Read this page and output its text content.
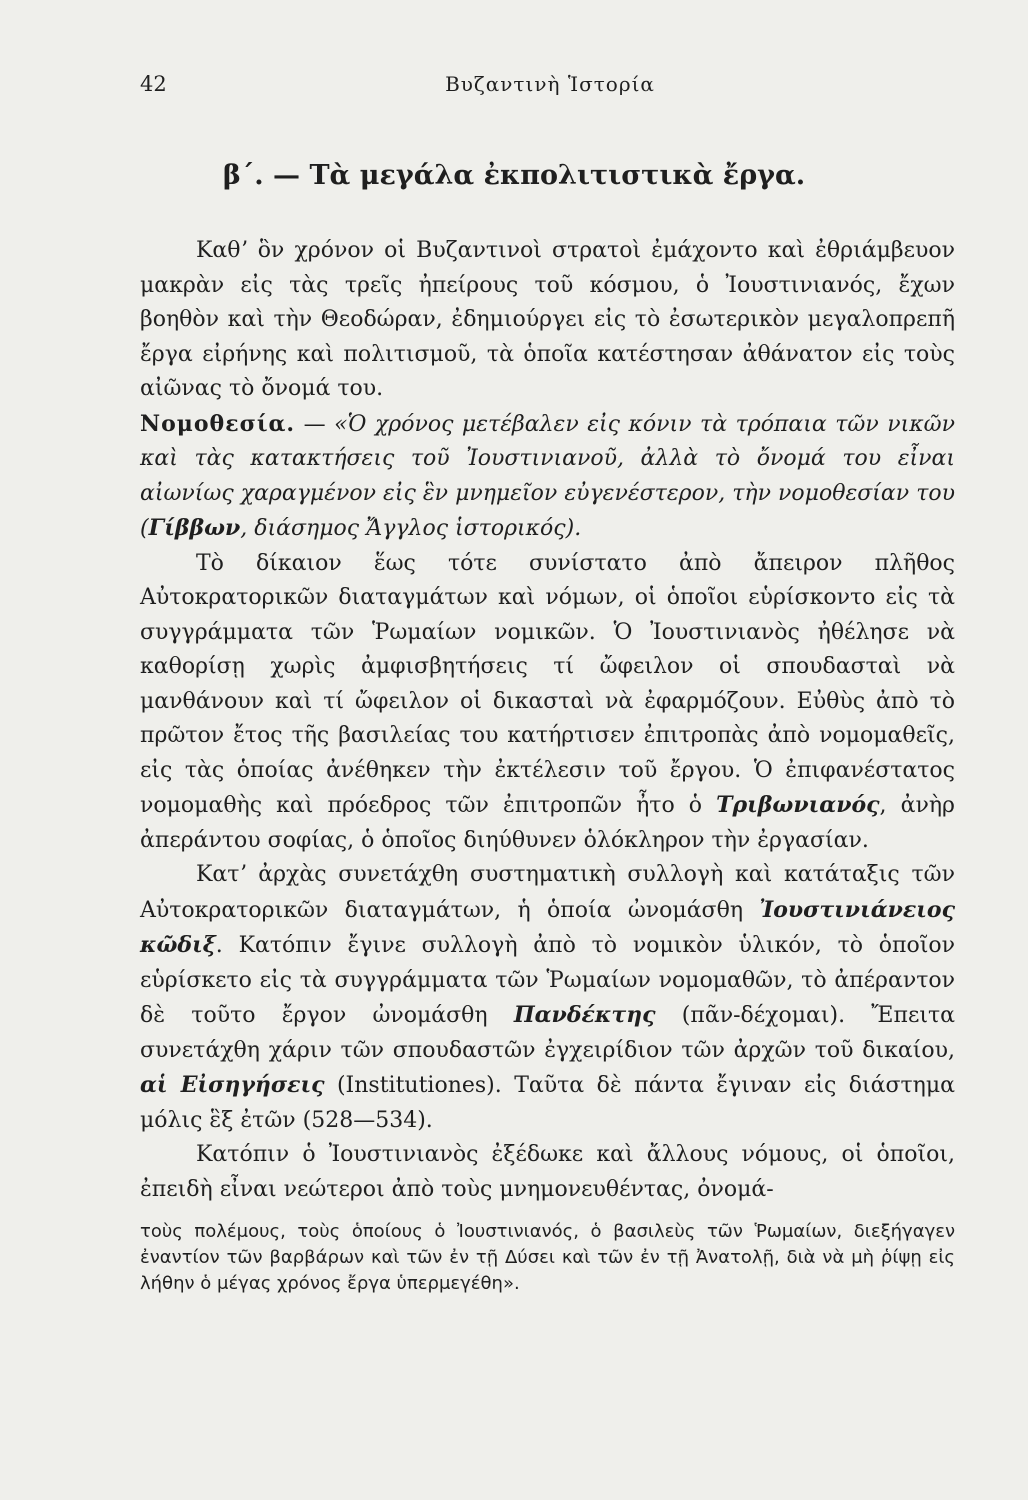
42	Βυζαντινὴ Ἱστορία
β΄. — Τὰ μεγάλα ἐκπολιτιστικὰ ἔργα.

Καθʼ ὃν χρόνον οἱ Βυζαντινοὶ στρατοὶ ἐμάχοντο καὶ ἐθριάμβευον μακρὰν εἰς τὰς τρεῖς ἠπείρους τοῦ κόσμου, ὁ Ἰουστινιανός, ἔχων βοηθὸν καὶ τὴν Θεοδώραν, ἐδημιούργει εἰς τὸ ἐσωτερικὸν μεγαλοπρεπῆ ἔργα εἰρήνης καὶ πολιτισμοῦ, τὰ ὁποῖα κατέστησαν ἀθάνατον εἰς τοὺς αἰῶνας τὸ ὄνομά του.

Νομοθεσία. — «Ὁ χρόνος μετέβαλεν εἰς κόνιν τὰ τρόπαια τῶν νικῶν καὶ τὰς κατακτήσεις τοῦ Ἰουστινιανοῦ, ἀλλὰ τὸ ὄνομά του εἶναι αἰωνίως χαραγμένον εἰς ἓν μνημεῖον εὐγενέστερον, τὴν νομοθεσίαν του (Γίββων, διάσημος Ἄγγλος ἱστορικός).

Τὸ δίκαιον ἕως τότε συνίστατο ἀπὸ ἄπειρον πλῆθος Αὐτοκρατορικῶν διαταγμάτων καὶ νόμων, οἱ ὁποῖοι εὑρίσκοντο εἰς τὰ συγγράμματα τῶν Ῥωμαίων νομικῶν. Ὁ Ἰουστινιανὸς ἠθέλησε νὰ καθορίσῃ χωρὶς ἀμφισβητήσεις τί ὤφειλον οἱ σπουδασταὶ νὰ μανθάνουν καὶ τί ὤφειλον οἱ δικασταὶ νὰ ἐφαρμόζουν. Εὐθὺς ἀπὸ τὸ πρῶτον ἔτος τῆς βασιλείας του κατήρτισεν ἐπιτροπὰς ἀπὸ νομομαθεῖς, εἰς τὰς ὁποίας ἀνέθηκεν τὴν ἐκτέλεσιν τοῦ ἔργου. Ὁ ἐπιφανέστατος νομομαθὴς καὶ πρόεδρος τῶν ἐπιτροπῶν ἦτο ὁ Τριβωνιανός, ἀνὴρ ἀπεράντου σοφίας, ὁ ὁποῖος διηύθυνεν ὁλόκληρον τὴν ἐργασίαν.

Κατʼ ἀρχὰς συνετάχθη συστηματικὴ συλλογὴ καὶ κατάταξις τῶν Αὐτοκρατορικῶν διαταγμάτων, ἡ ὁποία ὠνομάσθη Ἰουστινιάνειος κῶδιξ. Κατόπιν ἔγινε συλλογὴ ἀπὸ τὸ νομικὸν ὑλικόν, τὸ ὁποῖον εὑρίσκετο εἰς τὰ συγγράμματα τῶν Ῥωμαίων νομομαθῶν, τὸ ἀπέραντον δὲ τοῦτο ἔργον ὠνομάσθη Πανδέκτης (πᾶν-δέχομαι). Ἔπειτα συνετάχθη χάριν τῶν σπουδαστῶν ἐγχειρίδιον τῶν ἀρχῶν τοῦ δικαίου, αἱ Εἰσηγήσεις (Institutiones). Ταῦτα δὲ πάντα ἔγιναν εἰς διάστημα μόλις ἓξ ἐτῶν (528—534).

Κατόπιν ὁ Ἰουστινιανὸς ἐξέδωκε καὶ ἄλλους νόμους, οἱ ὁποῖοι, ἐπειδὴ εἶναι νεώτεροι ἀπὸ τοὺς μνημονευθέντας, ὀνομά-

τοὺς πολέμους, τοὺς ὁποίους ὁ Ἰουστινιανός, ὁ βασιλεὺς τῶν Ῥωμαίων, διεξήγαγεν ἐναντίον τῶν βαρβάρων καὶ τῶν ἐν τῇ Δύσει καὶ τῶν ἐν τῇ Ἀνατολῇ, διὰ νὰ μὴ ῥίψῃ εἰς λήθην ὁ μέγας χρόνος ἔργα ὑπερμεγέθη».
